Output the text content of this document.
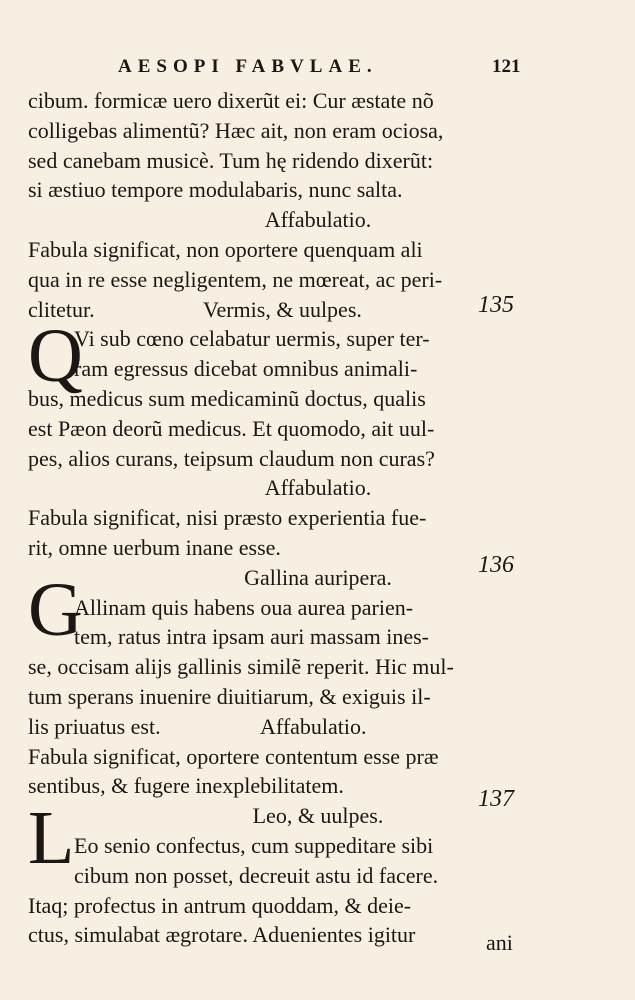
AESOPI FABVLAE.	121
cibum. formicæ uero dixerũt ei: Cur æstate nõ
colligebas alimentũ? Hæc ait, non eram ociosa,
sed canebam musicè. Tum hę ridendo dixerũt:
si æstiuo tempore modulabaris, nunc salta.
Affabulatio.
Fabula significat, non oportere quenquam ali
qua in re esse negligentem, ne mœreat, ac peri-
clitetur.	Vermis, & uulpes.
Vi sub cœno celabatur uermis, super ter-
ram egressus dicebat omnibus animali-
bus, medicus sum medicaminũ doctus, qualis
est Pæon deorũ medicus. Et quomodo, ait uul-
pes, alios curans, teipsum claudum non curas?
Affabulatio.
Fabula significat, nisi præsto experientia fue-
rit, omne uerbum inane esse.
Gallina auripera.
Allinam quis habens oua aurea parien-
tem, ratus intra ipsam auri massam ines-
se, occisam alijs gallinis similẽ reperit. Hic mul-
tum sperans inuenire diuitiarum, & exiguis il-
lis priuatus est.	Affabulatio.
Fabula significat, oportere contentum esse præ
sentibus, & fugere inexplebilitatem.
Leo, & uulpes.
Eo senio confectus, cum suppeditare sibi
cibum non posset, decreuit astu id facere.
Itaq; profectus in antrum quoddam, & deie-
ctus, simulabat ægrotare. Aduenientes igitur
Q
G
L
135
136
137
ani
